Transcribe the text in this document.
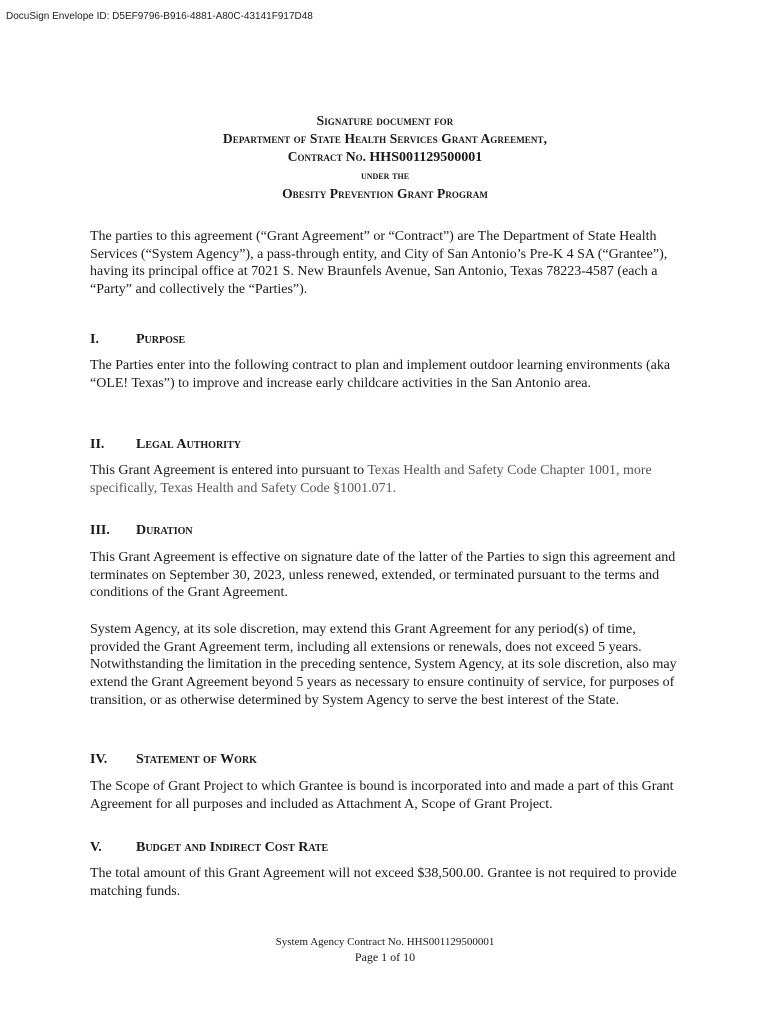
DocuSign Envelope ID: D5EF9796-B916-4881-A80C-43141F917D48
Signature document for
Department of State Health Services Grant Agreement,
Contract No. HHS001129500001
under the
Obesity Prevention Grant Program

The parties to this agreement (“Grant Agreement” or “Contract”) are The Department of State Health Services (“System Agency”), a pass-through entity, and City of San Antonio’s Pre-K 4 SA (“Grantee”), having its principal office at 7021 S. New Braunfels Avenue, San Antonio, Texas 78223-4587 (each a “Party” and collectively the “Parties”).

I.	Purpose

The Parties enter into the following contract to plan and implement outdoor learning environments (aka “OLE! Texas”) to improve and increase early childcare activities in the San Antonio area.

II. Legal Authority

This Grant Agreement is entered into pursuant to Texas Health and Safety Code Chapter 1001, more specifically, Texas Health and Safety Code §1001.071.

III. Duration

This Grant Agreement is effective on signature date of the latter of the Parties to sign this agreement and terminates on September 30, 2023, unless renewed, extended, or terminated pursuant to the terms and conditions of the Grant Agreement.

System Agency, at its sole discretion, may extend this Grant Agreement for any period(s) of time, provided the Grant Agreement term, including all extensions or renewals, does not exceed 5 years. Notwithstanding the limitation in the preceding sentence, System Agency, at its sole discretion, also may extend the Grant Agreement beyond 5 years as necessary to ensure continuity of service, for purposes of transition, or as otherwise determined by System Agency to serve the best interest of the State.

IV. Statement of Work

The Scope of Grant Project to which Grantee is bound is incorporated into and made a part of this Grant Agreement for all purposes and included as Attachment A, Scope of Grant Project.

V. Budget and Indirect Cost Rate

The total amount of this Grant Agreement will not exceed $38,500.00. Grantee is not required to provide matching funds.

System Agency Contract No. HHS001129500001
Page 1 of 10
